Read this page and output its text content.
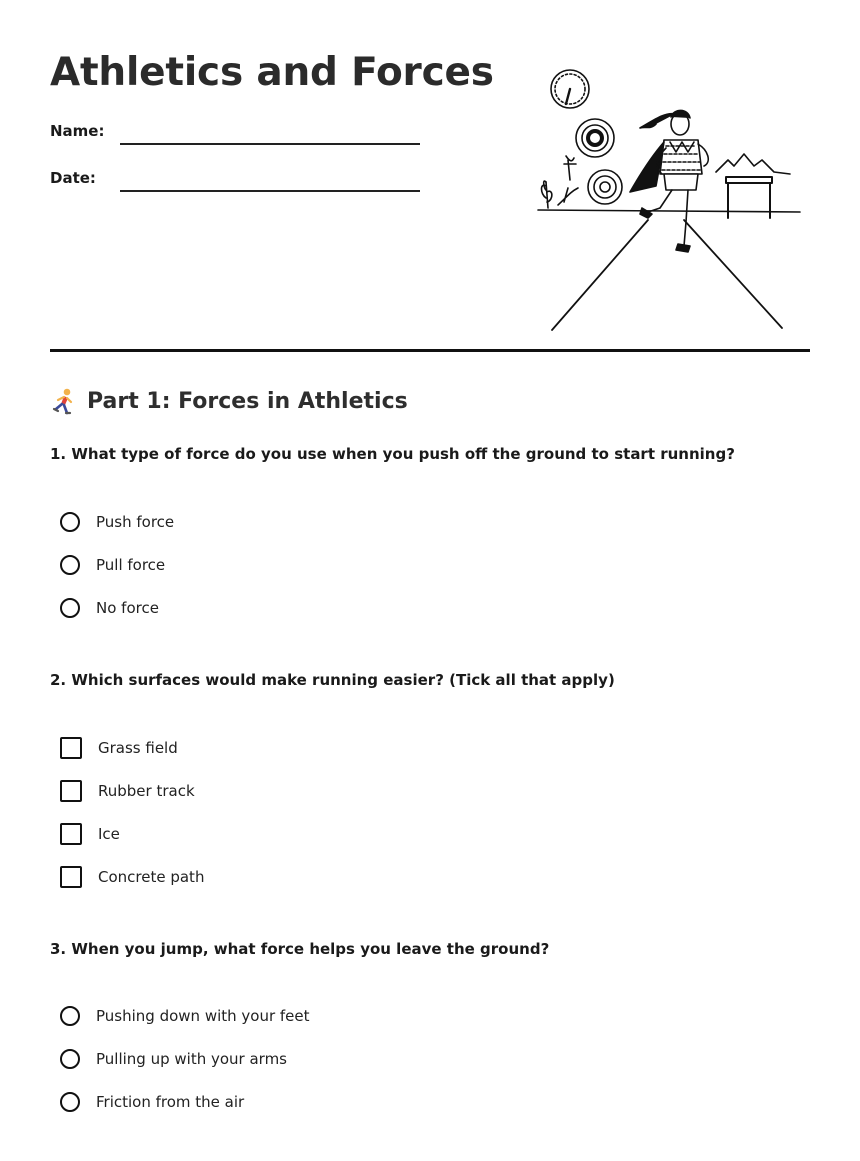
Athletics and Forces
Name:
Date:
Part 1: Forces in Athletics

1. What type of force do you use when you push off the ground to start running?

Push force
Pull force
No force

2. Which surfaces would make running easier? (Tick all that apply)

Grass field
Rubber track
Ice
Concrete path

3. When you jump, what force helps you leave the ground?

Pushing down with your feet
Pulling up with your arms
Friction from the air
